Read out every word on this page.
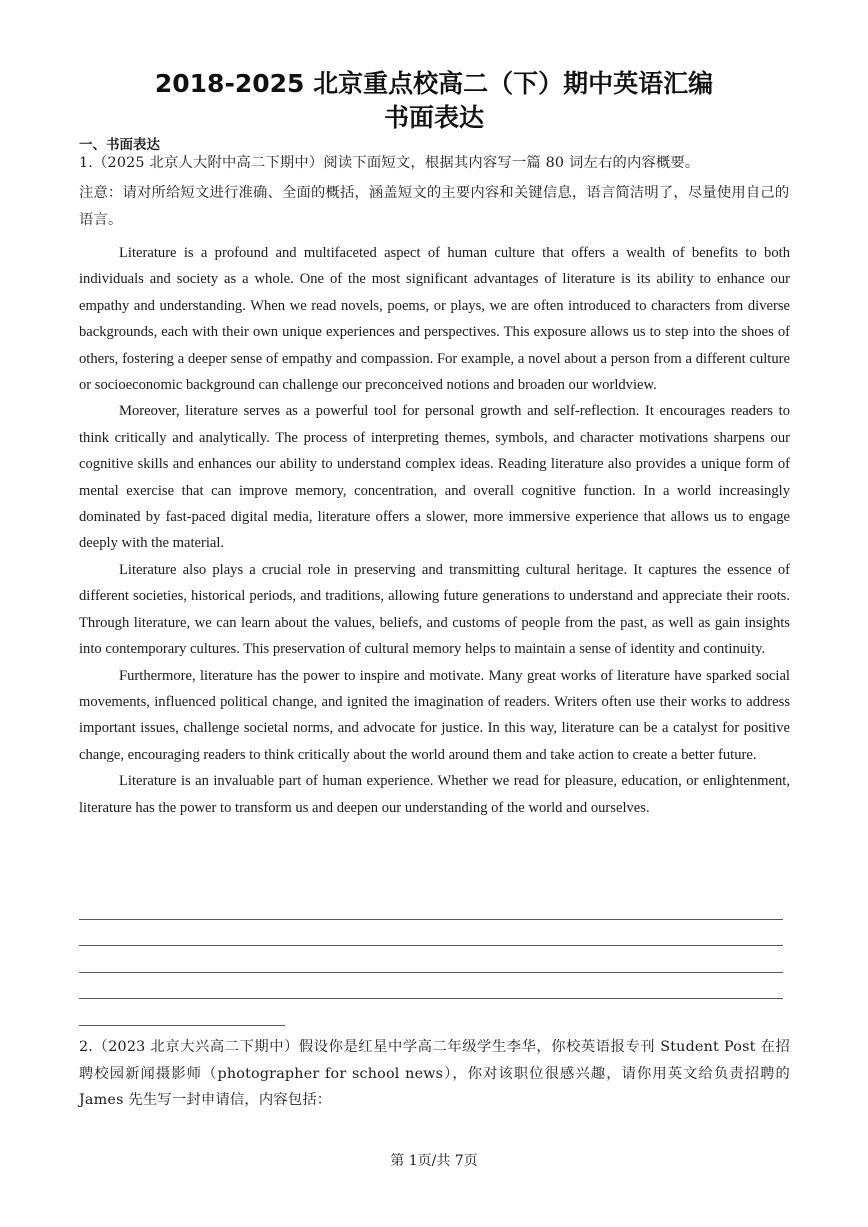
2018-2025 北京重点校高二（下）期中英语汇编
书面表达
一、书面表达
1.（2025 北京人大附中高二下期中）阅读下面短文，根据其内容写一篇 80 词左右的内容概要。
注意：请对所给短文进行准确、全面的概括，涵盖短文的主要内容和关键信息，语言简洁明了，尽量使用自己的语言。

Literature is a profound and multifaceted aspect of human culture that offers a wealth of benefits to both individuals and society as a whole. One of the most significant advantages of literature is its ability to enhance our empathy and understanding. When we read novels, poems, or plays, we are often introduced to characters from diverse backgrounds, each with their own unique experiences and perspectives. This exposure allows us to step into the shoes of others, fostering a deeper sense of empathy and compassion. For example, a novel about a person from a different culture or socioeconomic background can challenge our preconceived notions and broaden our worldview.

Moreover, literature serves as a powerful tool for personal growth and self-reflection. It encourages readers to think critically and analytically. The process of interpreting themes, symbols, and character motivations sharpens our cognitive skills and enhances our ability to understand complex ideas. Reading literature also provides a unique form of mental exercise that can improve memory, concentration, and overall cognitive function. In a world increasingly dominated by fast-paced digital media, literature offers a slower, more immersive experience that allows us to engage deeply with the material.

Literature also plays a crucial role in preserving and transmitting cultural heritage. It captures the essence of different societies, historical periods, and traditions, allowing future generations to understand and appreciate their roots. Through literature, we can learn about the values, beliefs, and customs of people from the past, as well as gain insights into contemporary cultures. This preservation of cultural memory helps to maintain a sense of identity and continuity.

Furthermore, literature has the power to inspire and motivate. Many great works of literature have sparked social movements, influenced political change, and ignited the imagination of readers. Writers often use their works to address important issues, challenge societal norms, and advocate for justice. In this way, literature can be a catalyst for positive change, encouraging readers to think critically about the world around them and take action to create a better future.

Literature is an invaluable part of human experience. Whether we read for pleasure, education, or enlightenment, literature has the power to transform us and deepen our understanding of the world and ourselves.

2.（2023 北京大兴高二下期中）假设你是红星中学高二年级学生李华，你校英语报专刊 Student Post 在招聘校园新闻摄影师（photographer for school news），你对该职位很感兴趣，请你用英文给负责招聘的 James 先生写一封申请信，内容包括：
第 1页/共 7页
